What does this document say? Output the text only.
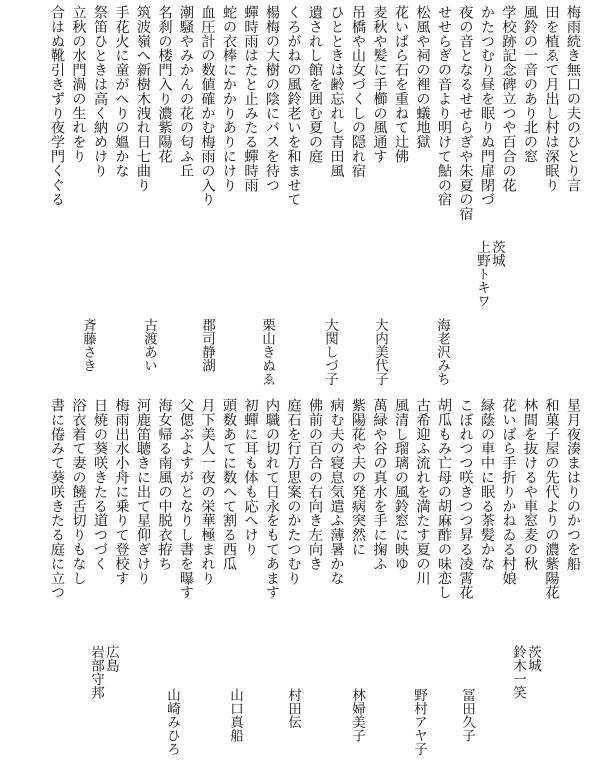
梅雨続き無口の夫のひとり言
田を植ゑて月出し村は深眠り
風鈴の一音のあり北の窓
学校跡記念碑立つや百合の花
かたつむり昼を眠りぬ門扉閉づ
夜の音となるせせらぎや朱夏の宿
せせらぎの音より明けて鮎の宿
松風や祠の裡の蟻地獄
花いばら石を重ねて辻佛
麦秋や髪に手櫛の風通す
吊橋や山女づくしの隠れ宿
ひとときは齢忘れし青田風
遺されし館を囲む夏の庭
くろがねの風鈴老いを和ませて
楊梅の大樹の陰にバスを待つ
蟬時雨はたと止みたる蟬時雨
蛇の衣棒にかかりありにけり
血圧計の数値確かむ梅雨の入り
潮騒やみかんの花の匂ふ丘
名刹の楼門入り濃紫陽花
筑波嶺へ新樹木洩れ日七曲り
手花火に童がへりの媼かな
祭笛ひときは高く納めけり
立秋の水門渦の生れをり
合はぬ靴引きずり夜学門くぐる
茨城
上野トキワ
海老沢みち
大内美代子
大関しづ子
栗山きぬゑ
郡司静湖
古渡あい
斉藤さき
星月夜湊まはりのかつを船
和菓子屋の先代よりの濃紫陽花
林間を抜けるや車窓麦の秋
花いばら手折りかねゐる村娘
緑蔭の車中に眠る茶髪かな
こぼれつつ咲きつつ昇る凌霄花
胡瓜もみ亡母の胡麻酢の味恋し
古希迎ふ流れを満たす夏の川
風清し瑠璃の風鈴窓に映ゆ
萬緑や谷の真水を手に掬ふ
紫陽花や夫の発病突然に
病む夫の寝息気遣ふ薄暑かな
佛前の百合の右向き左向き
庭石を行方思案のかたつむり
内職の切れて日永をもてあます
初蟬に耳も体も応へけり
頭数あてに数へて割る西瓜
月下美人一夜の栄華極まれり
父偲ぶよすがとなりし書を曝す
海女帰る南風の中脱衣拵ち
河鹿笛聴きに出て星仰ぎけり
梅雨出水小舟に乗りて登校す
日焼の葵咲きたる道つづく
浴衣着て妻の饒舌切りもなし
書に倦みて葵咲きたる庭に立つ
茨城
鈴木一笑
冨田久子
野村アヤ子
林婦美子
村田伝
山口真船
山崎みひろ
広島
岩部守邦
